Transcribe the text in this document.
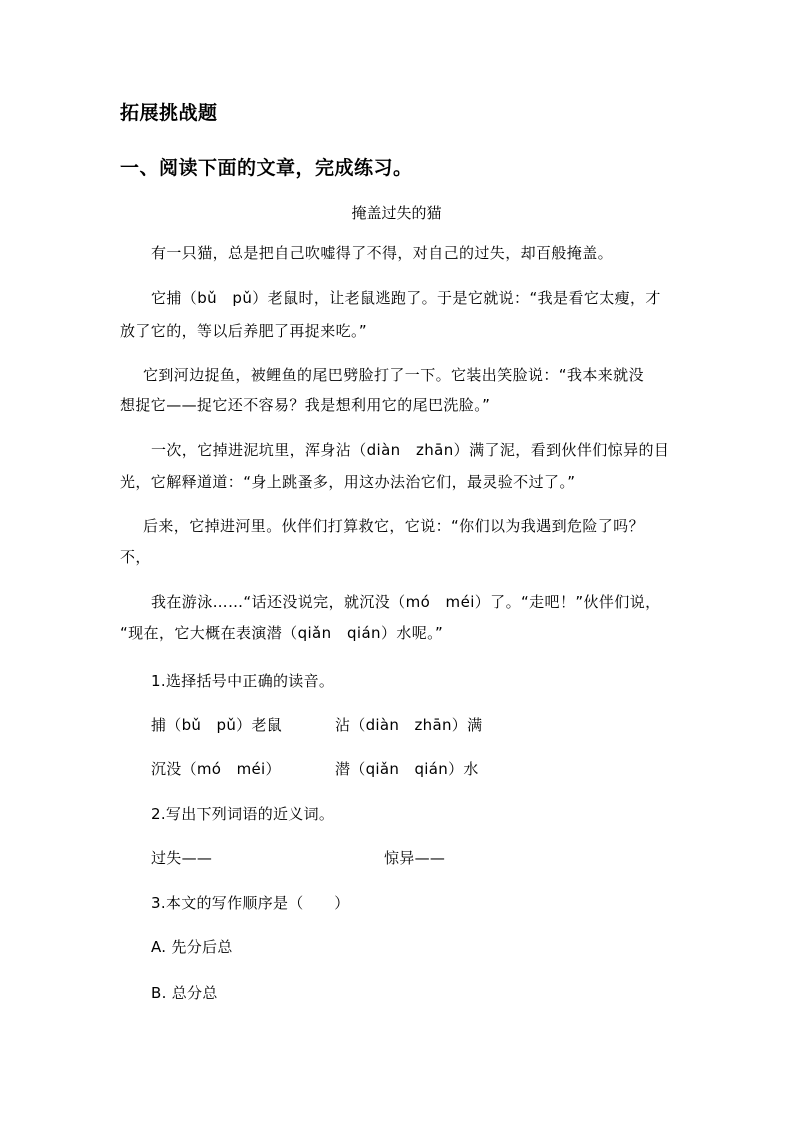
拓展挑战题
一、阅读下面的文章，完成练习。
掩盖过失的猫
有一只猫，总是把自己吹嘘得了不得，对自己的过失，却百般掩盖。
它捕（bǔ　pǔ）老鼠时，让老鼠逃跑了。于是它就说：“我是看它太瘦，才
放了它的，等以后养肥了再捉来吃。”
它到河边捉鱼，被鲤鱼的尾巴劈脸打了一下。它装出笑脸说：“我本来就没
想捉它——捉它还不容易？我是想利用它的尾巴洗脸。”
一次，它掉进泥坑里，浑身沾（diàn　zhān）满了泥，看到伙伴们惊异的目
光，它解释道道：“身上跳蚤多，用这办法治它们，最灵验不过了。”
后来，它掉进河里。伙伴们打算救它，它说：“你们以为我遇到危险了吗？
不，
我在游泳……“话还没说完，就沉没（mó　méi）了。“走吧！”伙伴们说，
“现在，它大概在表演潜（qiǎn　qián）水呢。”
1.选择括号中正确的读音。
捕（bǔ　pǔ）老鼠	沾（diàn　zhān）满
沉没（mó　méi）	潜（qiǎn　qián）水
2.写出下列词语的近义词。
过失——	惊异——
3.本文的写作顺序是（　　）
A. 先分后总
B. 总分总
